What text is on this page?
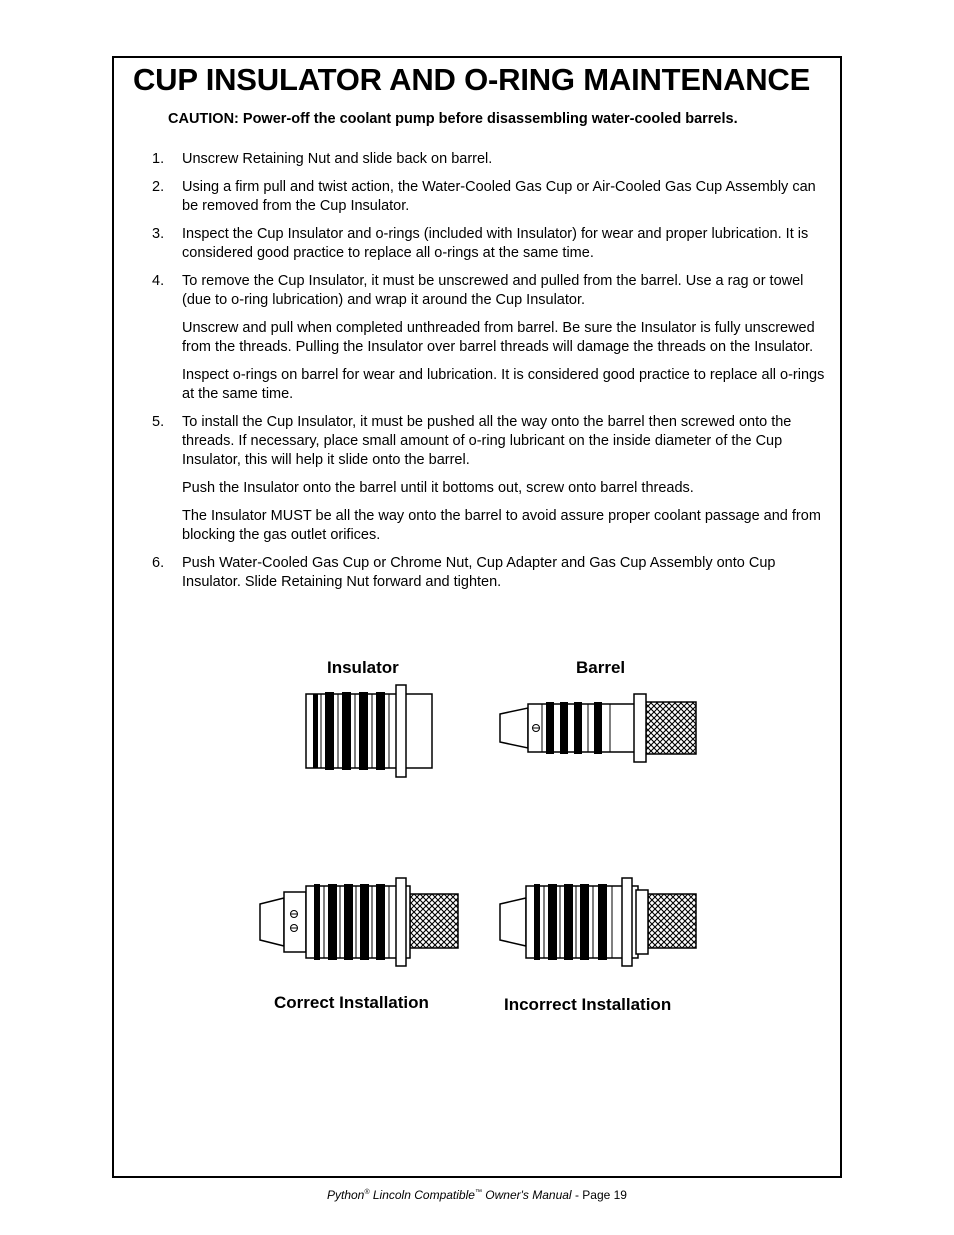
CUP INSULATOR AND O-RING MAINTENANCE
CAUTION: Power-off the coolant pump before disassembling water-cooled barrels.
1. Unscrew Retaining Nut and slide back on barrel.

2. Using a firm pull and twist action, the Water-Cooled Gas Cup or Air-Cooled Gas Cup Assembly can be removed from the Cup Insulator.

3. Inspect the Cup Insulator and o-rings (included with Insulator) for wear and proper lubrication. It is considered good practice to replace all o-rings at the same time.

4. To remove the Cup Insulator, it must be unscrewed and pulled from the barrel. Use a rag or towel (due to o-ring lubrication) and wrap it around the Cup Insulator.

Unscrew and pull when completed unthreaded from barrel. Be sure the Insulator is fully unscrewed from the threads. Pulling the Insulator over barrel threads will damage the threads on the Insulator.

Inspect o-rings on barrel for wear and lubrication. It is considered good practice to replace all o-rings at the same time.

5. To install the Cup Insulator, it must be pushed all the way onto the barrel then screwed onto the threads. If necessary, place small amount of o-ring lubricant on the inside diameter of the Cup Insulator, this will help it slide onto the barrel.

Push the Insulator onto the barrel until it bottoms out, screw onto barrel threads.

The Insulator MUST be all the way onto the barrel to avoid assure proper coolant passage and from blocking the gas outlet orifices.

6. Push Water-Cooled Gas Cup or Chrome Nut, Cup Adapter and Gas Cup Assembly onto Cup Insulator. Slide Retaining Nut forward and tighten.

Insulator	Barrel
Correct Installation	Incorrect Installation
Python® Lincoln Compatible™ Owner's Manual - Page 19
